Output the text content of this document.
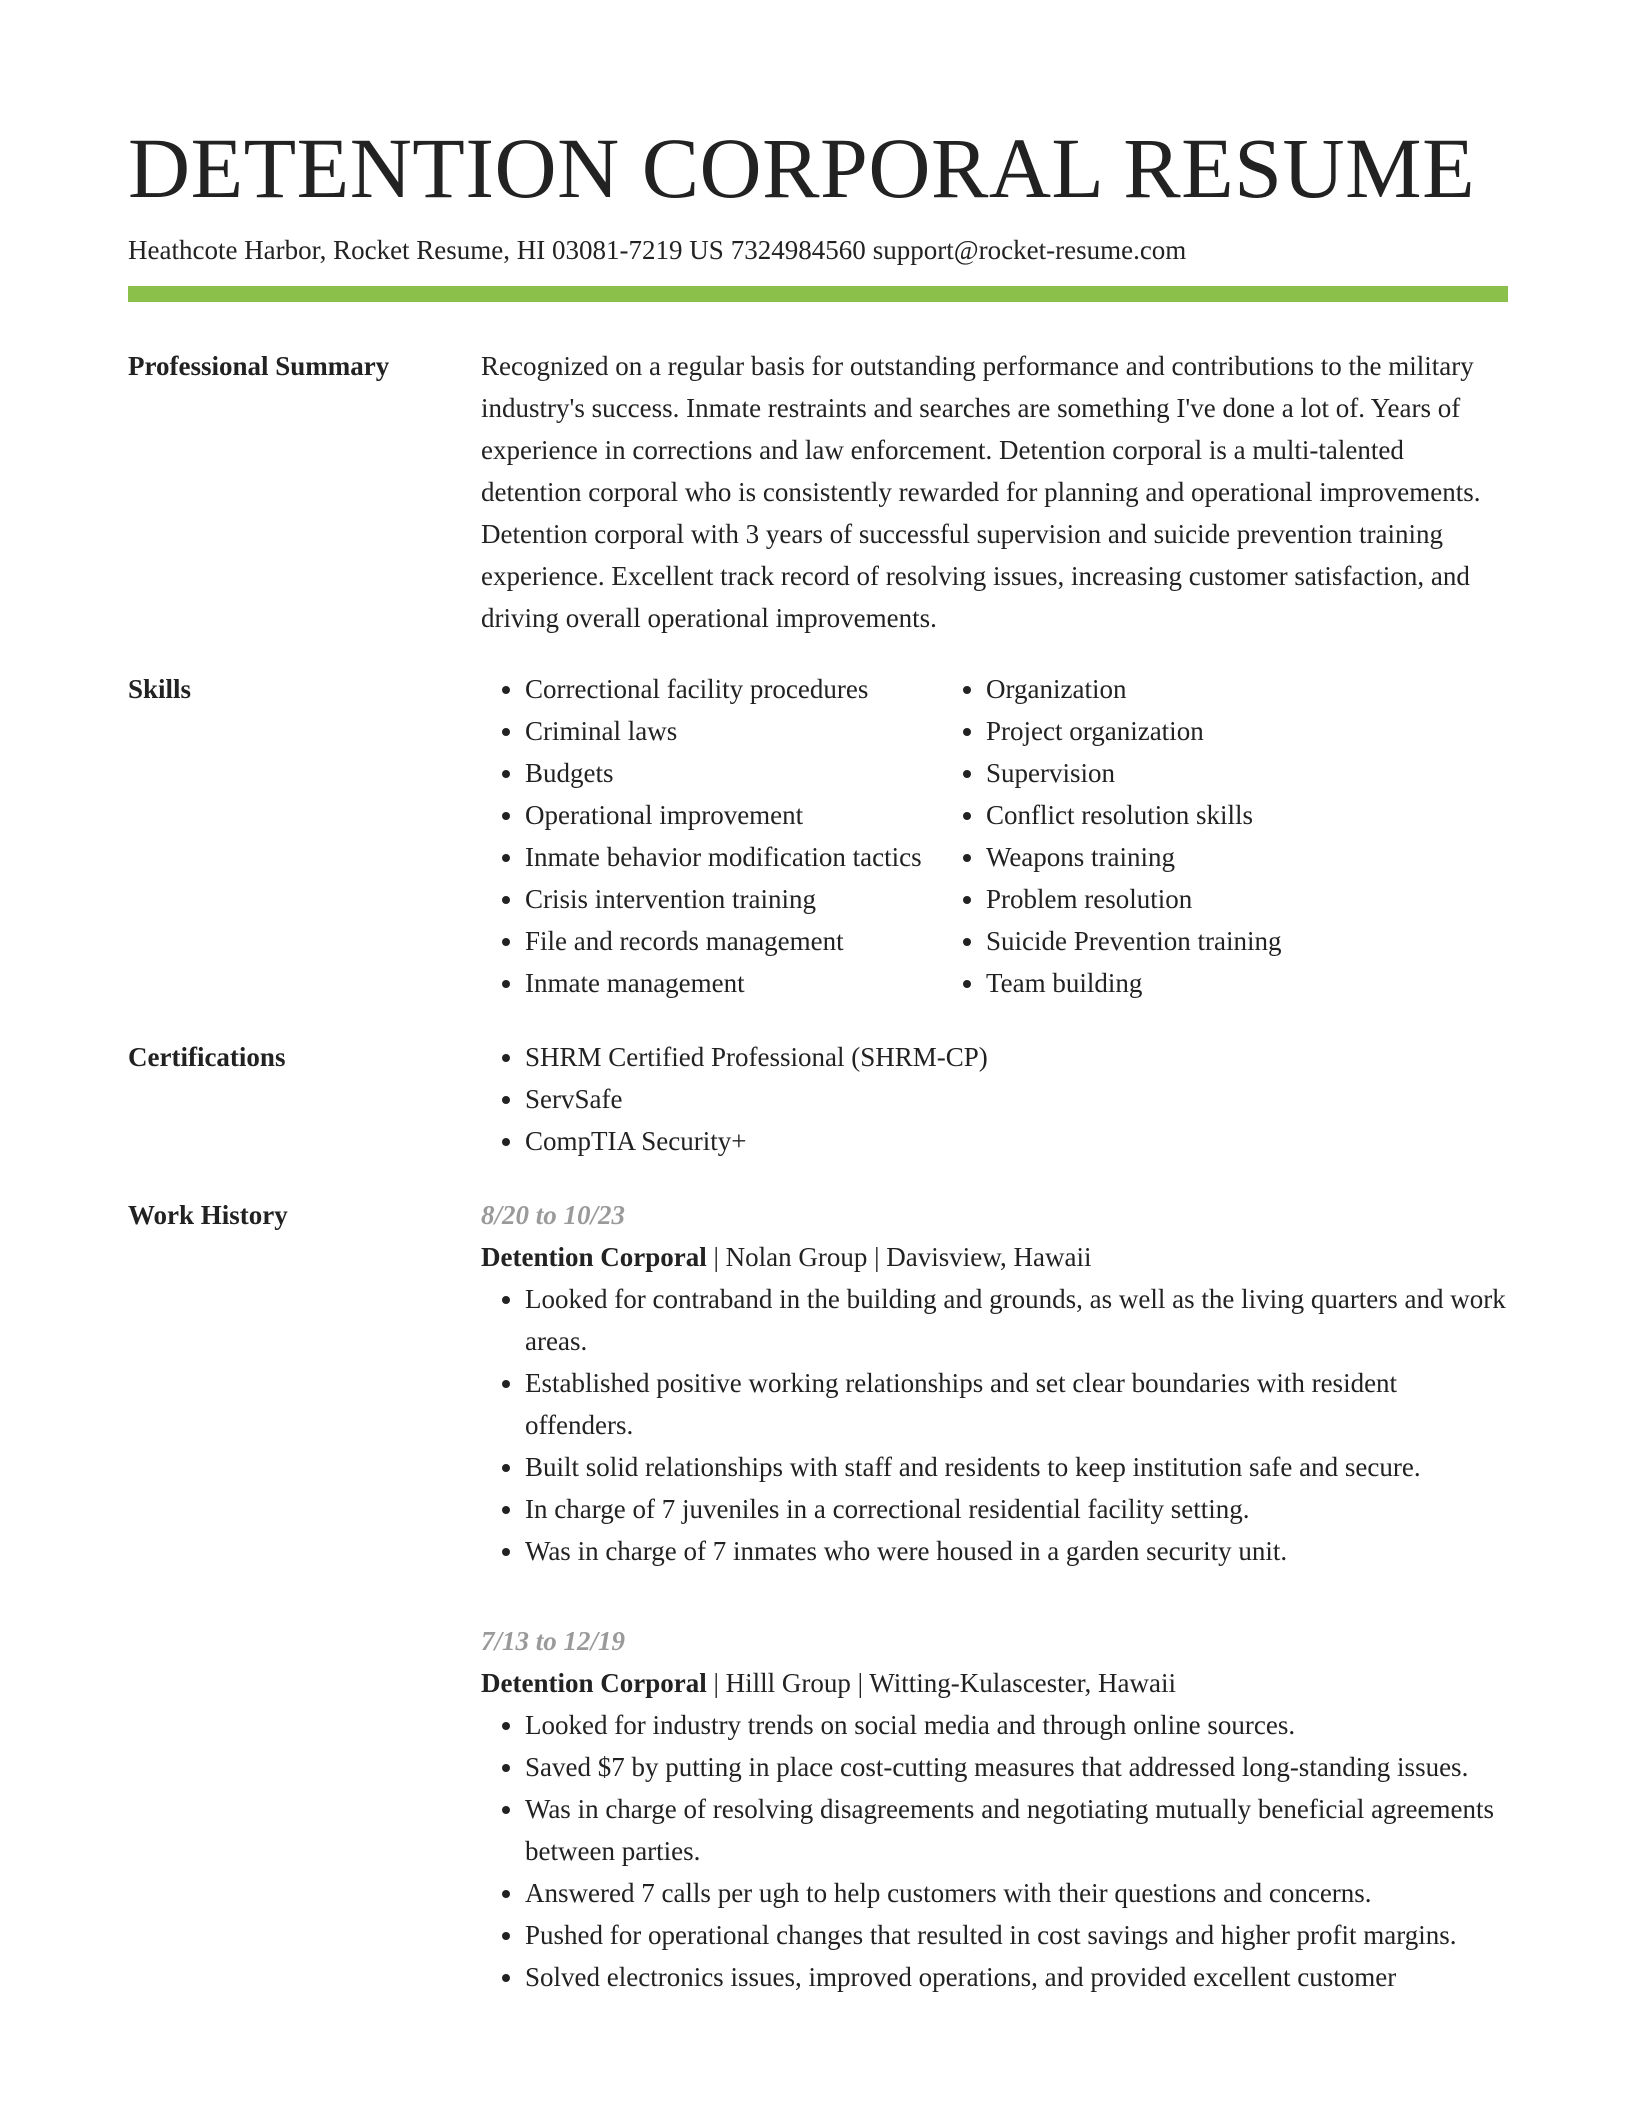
DETENTION CORPORAL RESUME
Heathcote Harbor, Rocket Resume, HI 03081-7219 US 7324984560 support@rocket-resume.com
Professional Summary	Recognized on a regular basis for outstanding performance and contributions to the military industry's success. Inmate restraints and searches are something I've done a lot of. Years of experience in corrections and law enforcement. Detention corporal is a multi-talented detention corporal who is consistently rewarded for planning and operational improvements. Detention corporal with 3 years of successful supervision and suicide prevention training experience. Excellent track record of resolving issues, increasing customer satisfaction, and driving overall operational improvements.

Skills	• Correctional facility procedures
• Criminal laws
• Budgets
• Operational improvement
• Inmate behavior modification tactics
• Crisis intervention training
• File and records management
• Inmate management
• Organization
• Project organization
• Supervision
• Conflict resolution skills
• Weapons training
• Problem resolution
• Suicide Prevention training
• Team building
Certifications	• SHRM Certified Professional (SHRM-CP)
• ServSafe
• CompTIA Security+
Work History	8/20 to 10/23
Detention Corporal | Nolan Group | Davisview, Hawaii
• Looked for contraband in the building and grounds, as well as the living quarters and work areas.
• Established positive working relationships and set clear boundaries with resident offenders.
• Built solid relationships with staff and residents to keep institution safe and secure.
• In charge of 7 juveniles in a correctional residential facility setting.
• Was in charge of 7 inmates who were housed in a garden security unit.
7/13 to 12/19
Detention Corporal | Hilll Group | Witting-Kulascester, Hawaii
• Looked for industry trends on social media and through online sources.
• Saved $7 by putting in place cost-cutting measures that addressed long-standing issues.
• Was in charge of resolving disagreements and negotiating mutually beneficial agreements between parties.
• Answered 7 calls per ugh to help customers with their questions and concerns.
• Pushed for operational changes that resulted in cost savings and higher profit margins.
• Solved electronics issues, improved operations, and provided excellent customer
